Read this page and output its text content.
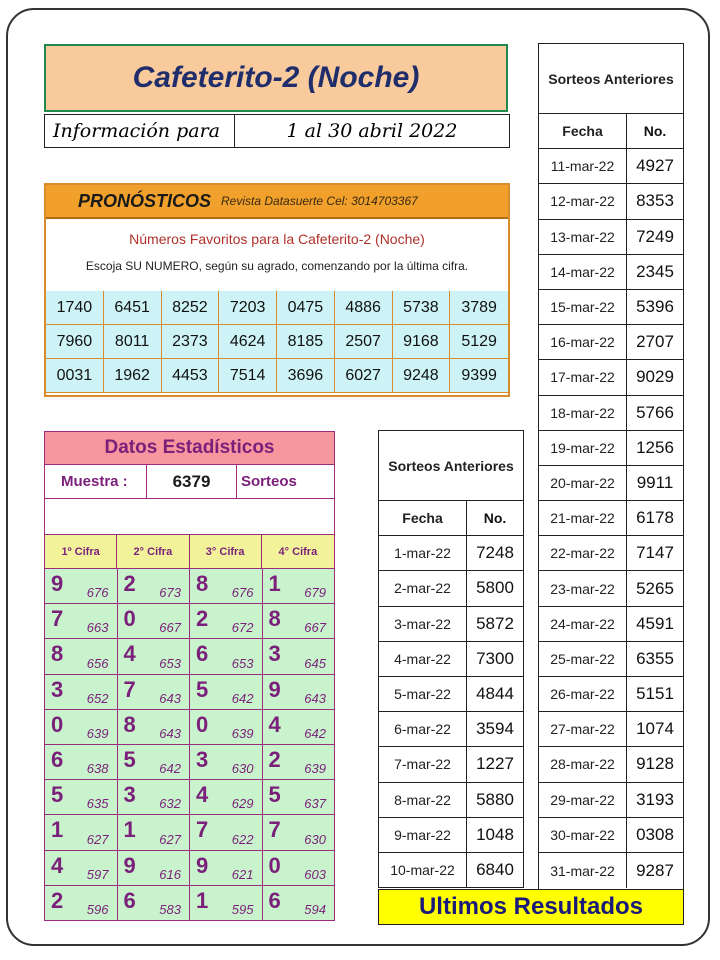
Cafeterito-2 (Noche)
Información para	1 al 30 abril 2022
PRONÓSTICOS Revista Datasuerte Cel: 3014703367
Números Favoritos para la Cafeterito-2 (Noche)
Escoja SU NUMERO, según su agrado, comenzando por la última cifra.
1740	6451	8252	7203	0475	4886	5738	3789
7960	8011	2373	4624	8185	2507	9168	5129
0031	1962	4453	7514	3696	6027	9248	9399
Datos Estadísticos
Muestra :	6379	Sorteos
1º Cifra	2° Cifra	3° Cifra	4° Cifra
9 676 2 673 8 676 1 679
7 663 0 667 2 672 8 667
8 656 4 653 6 653 3 645
3 652 7 643 5 642 9 643
0 639 8 643 0 639 4 642
6 638 5 642 3 630 2 639
5 635 3 632 4 629 5 637
1 627 1 627 7 622 7 630
4 597 9 616 9 621 0 603
2 596 6 583 1 595 6 594
Sorteos Anteriores
Fecha	No.
1-mar-22	7248
2-mar-22	5800
3-mar-22	5872
4-mar-22	7300
5-mar-22	4844
6-mar-22	3594
7-mar-22	1227
8-mar-22	5880
9-mar-22	1048
10-mar-22	6840
Sorteos Anteriores
Fecha	No.
11-mar-22	4927
12-mar-22	8353
13-mar-22	7249
14-mar-22	2345
15-mar-22	5396
16-mar-22	2707
17-mar-22	9029
18-mar-22	5766
19-mar-22	1256
20-mar-22	9911
21-mar-22	6178
22-mar-22	7147
23-mar-22	5265
24-mar-22	4591
25-mar-22	6355
26-mar-22	5151
27-mar-22	1074
28-mar-22	9128
29-mar-22	3193
30-mar-22	0308
31-mar-22	9287
Ultimos Resultados
